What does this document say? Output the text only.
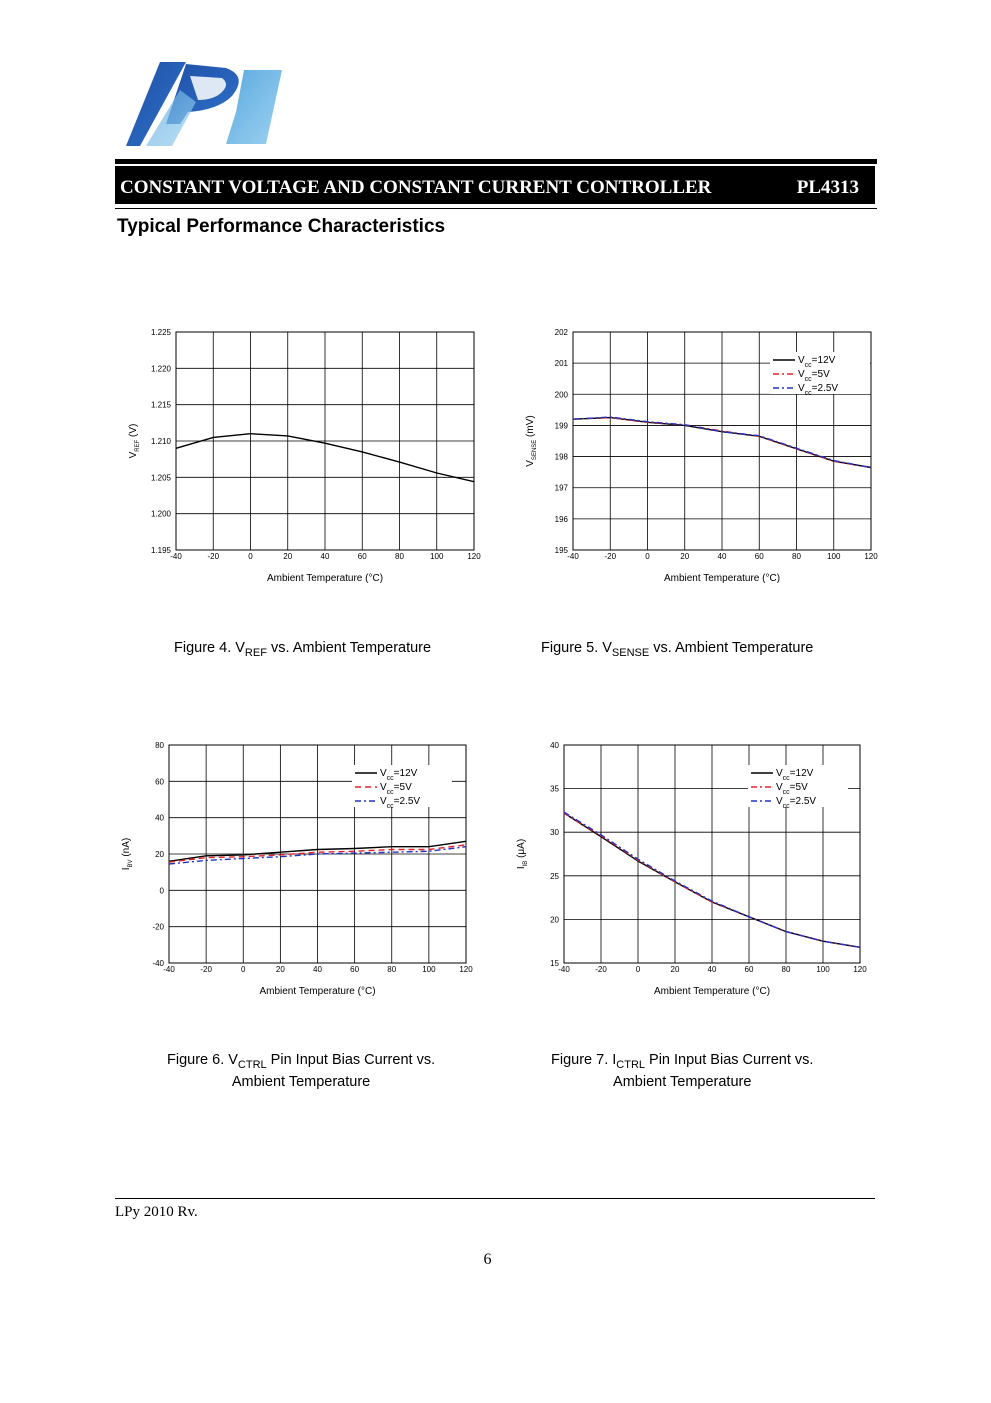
CONSTANT VOLTAGE AND CONSTANT CURRENT CONTROLLER	PL4313
Typical Performance Characteristics
-40	-20	0	20	40	60	80	100	120
1.195
1.200
1.205
1.210
1.215
1.220
1.225
Ambient Temperature (°C)
$V_{REF}$ (V)
-40	-20	0	20	40	60	80	100	120
195
196
197
198
199
200
201
202
Ambient Temperature (°C)
$V_{SENSE}$ (mV)
$V_{cc}=12V$
$V_{cc}=5V$
$V_{cc}=2.5V$
-40	-20	0	20	40	60	80	100	120
-40
-20
0
20
40
60
80
Ambient Temperature (°C)
$I_{BV}$ (nA)
$V_{cc}=12V$
$V_{cc}=5V$
$V_{cc}=2.5V$
-40	-20	0	20	40	60	80	100	120
15
20
25
30
35
40
Ambient Temperature (°C)
$I_{IB}$ (μA)
$V_{cc}=12V$
$V_{cc}=5V$
$V_{cc}=2.5V$
Figure 4. $V_{REF}$ vs. Ambient Temperature	Figure 5. $V_{SENSE}$ vs. Ambient Temperature
Figure 6. $V_{CTRL}$ Pin Input Bias Current vs.
Ambient Temperature
Figure 7. $I_{CTRL}$ Pin Input Bias Current vs.
Ambient Temperature
LPy 2010 Rv.
6
